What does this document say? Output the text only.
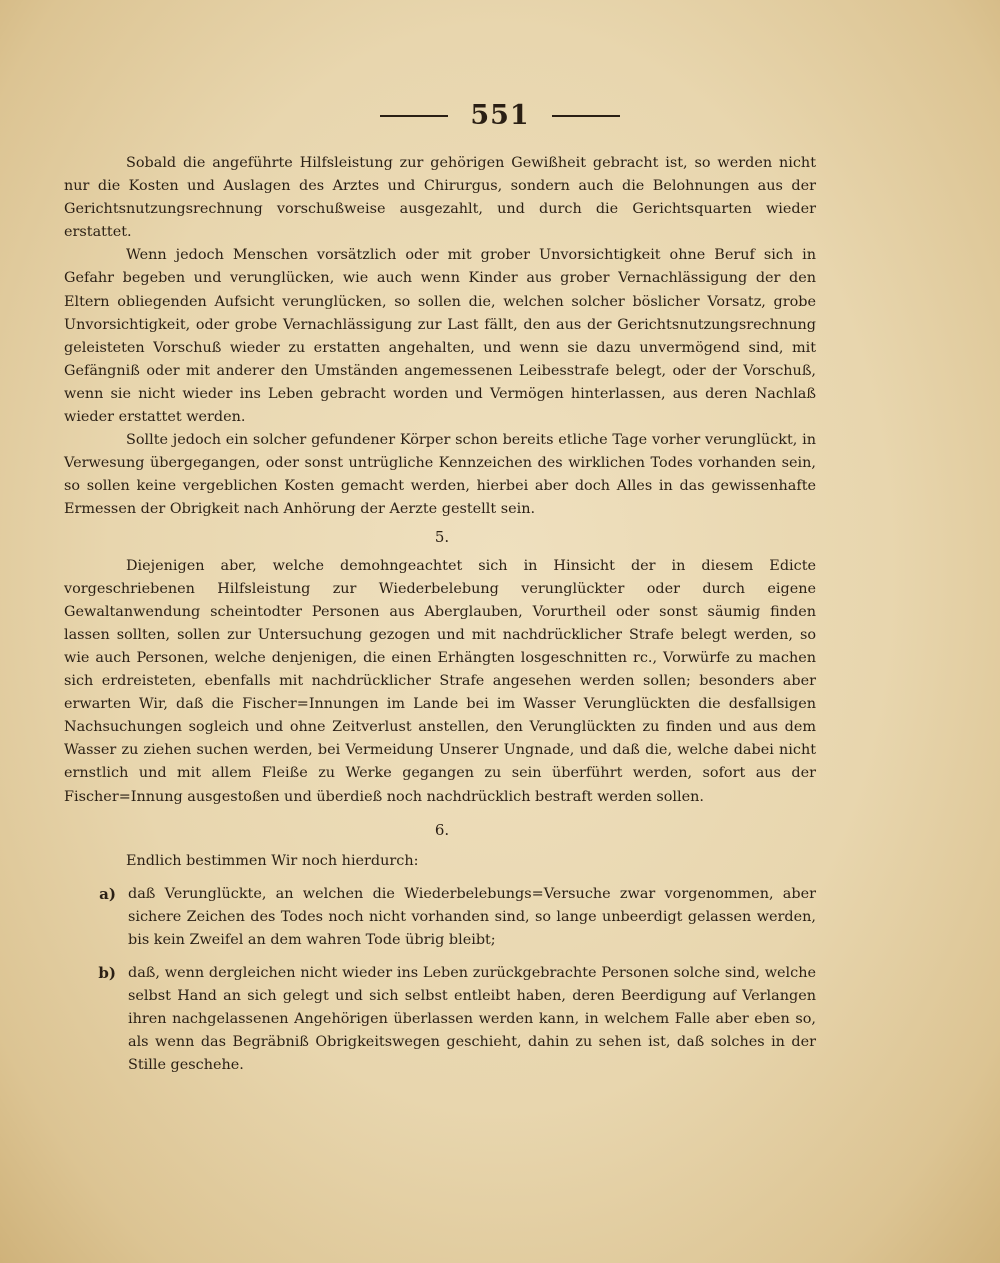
551

Sobald die angeführte Hilfsleistung zur gehörigen Gewißheit gebracht ist, so werden nicht nur die Kosten und Auslagen des Arztes und Chirurgus, sondern auch die Belohnungen aus der Gerichtsnutzungsrechnung vorschußweise ausgezahlt, und durch die Gerichtsquarten wieder erstattet.

Wenn jedoch Menschen vorsätzlich oder mit grober Unvorsichtigkeit ohne Beruf sich in Gefahr begeben und verunglücken, wie auch wenn Kinder aus grober Vernachlässigung der den Eltern obliegenden Aufsicht verunglücken, so sollen die, welchen solcher böslicher Vorsatz, grobe Unvorsichtigkeit, oder grobe Vernachlässigung zur Last fällt, den aus der Gerichtsnutzungsrechnung geleisteten Vorschuß wieder zu erstatten angehalten, und wenn sie dazu unvermögend sind, mit Gefängniß oder mit anderer den Umständen angemessenen Leibesstrafe belegt, oder der Vorschuß, wenn sie nicht wieder ins Leben gebracht worden und Vermögen hinterlassen, aus deren Nachlaß wieder erstattet werden.

Sollte jedoch ein solcher gefundener Körper schon bereits etliche Tage vorher verunglückt, in Verwesung übergegangen, oder sonst untrügliche Kennzeichen des wirklichen Todes vorhanden sein, so sollen keine vergeblichen Kosten gemacht werden, hierbei aber doch Alles in das gewissenhafte Ermessen der Obrigkeit nach Anhörung der Aerzte gestellt sein.

5.

Diejenigen aber, welche demohngeachtet sich in Hinsicht der in diesem Edicte vorgeschriebenen Hilfsleistung zur Wiederbelebung verunglückter oder durch eigene Gewaltanwendung scheintodter Personen aus Aberglauben, Vorurtheil oder sonst säumig finden lassen sollten, sollen zur Untersuchung gezogen und mit nachdrücklicher Strafe belegt werden, so wie auch Personen, welche denjenigen, die einen Erhängten losgeschnitten rc., Vorwürfe zu machen sich erdreisteten, ebenfalls mit nachdrücklicher Strafe angesehen werden sollen; besonders aber erwarten Wir, daß die Fischer=Innungen im Lande bei im Wasser Verunglückten die desfallsigen Nachsuchungen sogleich und ohne Zeitverlust anstellen, den Verunglückten zu finden und aus dem Wasser zu ziehen suchen werden, bei Vermeidung Unserer Ungnade, und daß die, welche dabei nicht ernstlich und mit allem Fleiße zu Werke gegangen zu sein überführt werden, sofort aus der Fischer=Innung ausgestoßen und überdieß noch nachdrücklich bestraft werden sollen.

6.

Endlich bestimmen Wir noch hierdurch:

a) daß Verunglückte, an welchen die Wiederbelebungs=Versuche zwar vorgenommen, aber sichere Zeichen des Todes noch nicht vorhanden sind, so lange unbeerdigt gelassen werden, bis kein Zweifel an dem wahren Tode übrig bleibt;

b) daß, wenn dergleichen nicht wieder ins Leben zurückgebrachte Personen solche sind, welche selbst Hand an sich gelegt und sich selbst entleibt haben, deren Beerdigung auf Verlangen ihren nachgelassenen Angehörigen überlassen werden kann, in welchem Falle aber eben so, als wenn das Begräbniß Obrigkeitswegen geschieht, dahin zu sehen ist, daß solches in der Stille geschehe.
